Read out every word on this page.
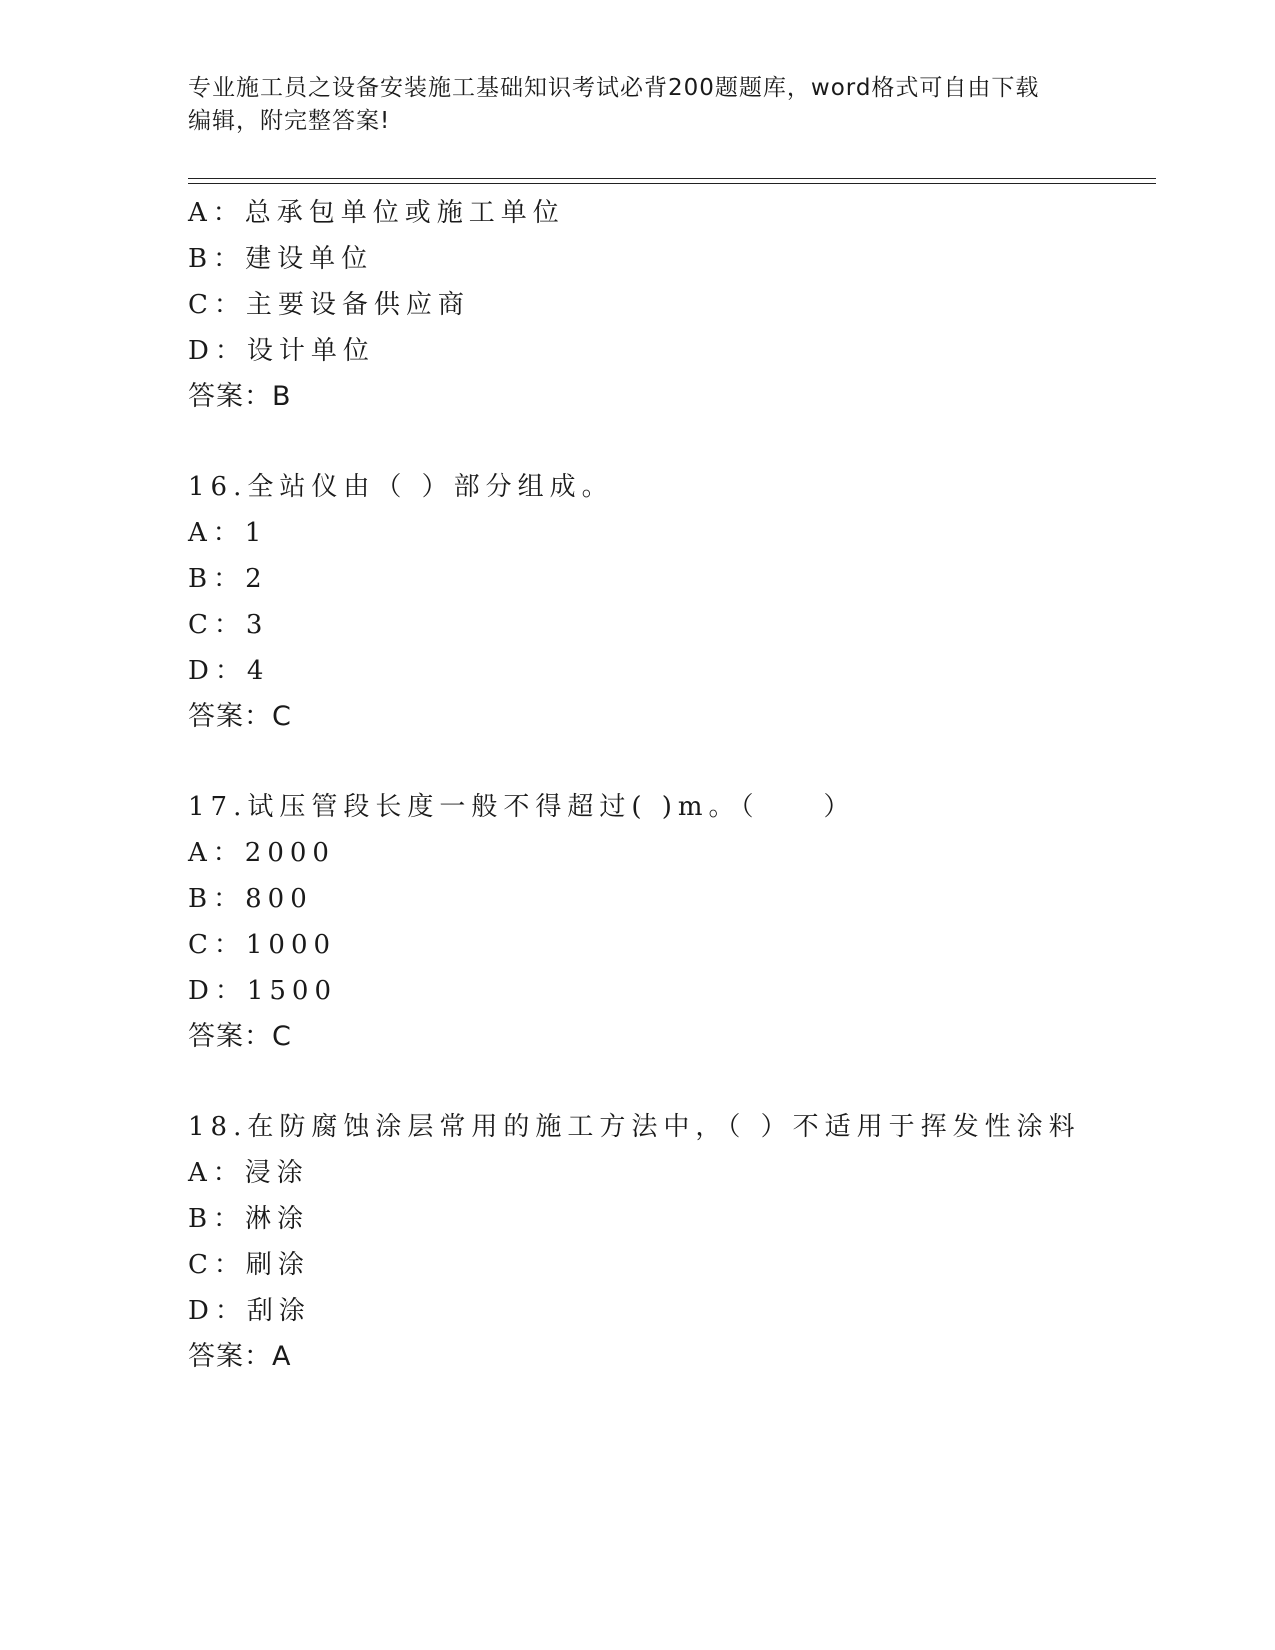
专业施工员之设备安装施工基础知识考试必背200题题库，word格式可自由下载
编辑，附完整答案!
A：总承包单位或施工单位
B：建设单位
C：主要设备供应商
D：设计单位
答案：B
16.全站仪由（ ）部分组成。
A：1
B：2
C：3
D：4
答案：C
17.试压管段长度一般不得超过( )m。（　　）
A：2000
B：800
C：1000
D：1500
答案：C
18.在防腐蚀涂层常用的施工方法中，（ ）不适用于挥发性涂料
A：浸涂
B：淋涂
C：刷涂
D：刮涂
答案：A
